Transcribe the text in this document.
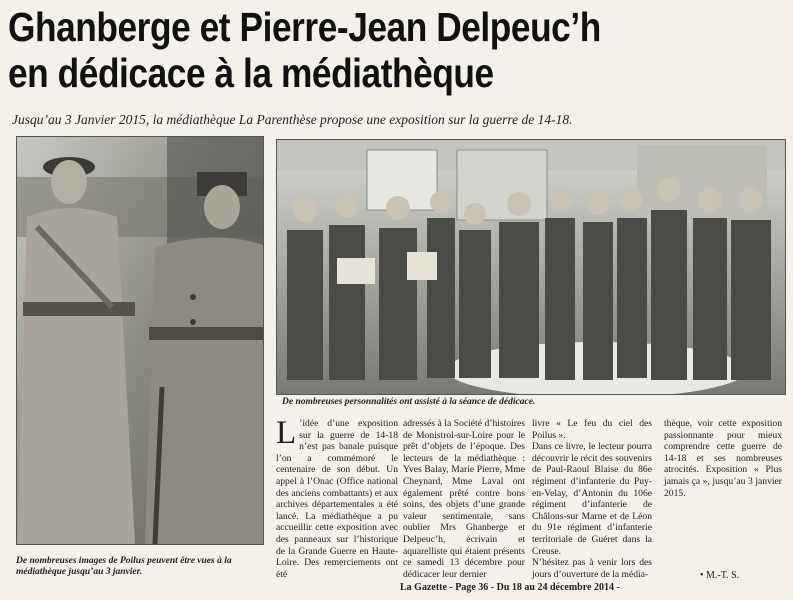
Ghanberge et Pierre-Jean Delpeuc’h
en dédicace à la médiathèque
Jusqu’au 3 Janvier 2015, la médiathèque La Parenthèse propose une exposition sur la guerre de 14-18.
De nombreuses images de Poilus peuvent être vues à la médiathèque jusqu’au 3 janvier.
De nombreuses personnalités ont assisté à la séance de dédicace.
L ’idée d’une exposition sur la guerre de 14-18 n’est pas banale puisque l’on a commémoré le centenaire de son début. Un appel à l’Onac (Office national des anciens combattants) et aux archives départementales a été lancé. La médiathèque a pu accueillir cette exposition avec des panneaux sur l’historique de la Grande Guerre en Haute-Loire. Des remerciements ont été
adressés à la Société d’histoires de Monistrol-sur-Loire pour le prêt d’objets de l’époque. Des lecteurs de la médiathèque : Yves Balay, Marie Pierre, Mme Cheynard, Mme Laval ont également prêté contre bons soins, des objets d’une grande valeur sentimentale, sans oublier Mrs Ghanberge et Delpeuc’h, écrivain et aquarelliste qui étaient présents ce samedi 13 décembre pour dédicacer leur dernier

livre « Le feu du ciel des Poilus ».

Dans ce livre, le lecteur pourra découvrir le récit des souvenirs de Paul-Raoul Blaise du 86e régiment d’infanterie du Puy-en-Velay, d’Antonin du 106e régiment d’infanterie de Châlons-sur Marne et de Léon du 91e régiment d’infanterie territoriale de Guéret dans la Creuse.

N’hésitez pas à venir lors des jours d’ouverture de la média-

thèque, voir cette exposition passionnante pour mieux comprendre cette guerre de 14-18 et ses nombreuses atrocités. Exposition « Plus jamais ça », jusqu’au 3 janvier 2015.
• M.-T. S.
La Gazette - Page 36 - Du 18 au 24 décembre 2014 -
